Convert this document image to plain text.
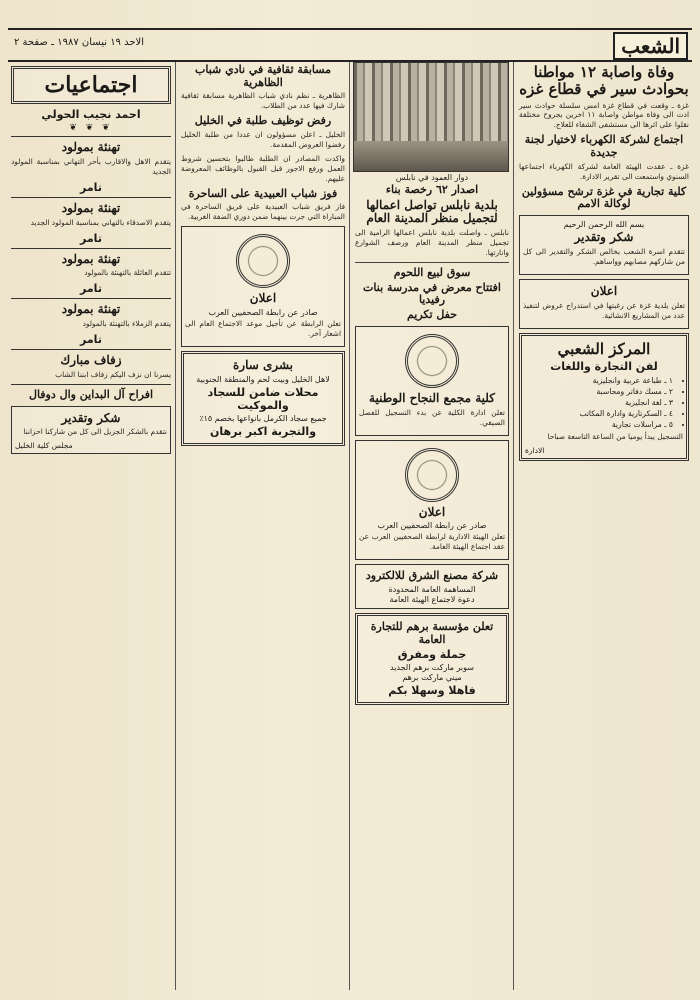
الشعب
الاحد ١٩ نيسان ١٩٨٧ ـ صفحة ٢
وفاة واصابة ١٢ مواطنا بحوادث سير في قطاع غزه

غزة ـ وقعت في قطاع غزة امس سلسلة حوادث سير ادت الى وفاة مواطن واصابة ١١ اخرين بجروح مختلفة نقلوا على اثرها الى مستشفى الشفاء للعلاج.

اجتماع لشركة الكهرباء لاختيار لجنة جديدة

غزة ـ عقدت الهيئة العامة لشركة الكهرباء اجتماعها السنوي واستمعت الى تقرير الادارة.

كلية تجارية في غزة ترشح مسؤولين لوكالة الامم
بسم الله الرحمن الرحيم
شكر وتقدير

تتقدم اسرة الشعب بخالص الشكر والتقدير الى كل من شاركهم مصابهم وواساهم.

اعلان

تعلن بلدية غزة عن رغبتها في استدراج عروض لتنفيذ عدد من المشاريع الانشائية.

المركز الشعبي
لفن التجارة واللغات
• ١ ـ طباعة عربية وانجليزية
• ٢ ـ مسك دفاتر ومحاسبة
• ٣ ـ لغة انجليزية
• ٤ ـ السكرتارية وادارة المكاتب
• ٥ ـ مراسلات تجارية

التسجيل يبدأ يوميا من الساعة التاسعة صباحا

الادارة
دوار العمود في نابلس
اصدار ٦٢ رخصة بناء
بلدية نابلس تواصل اعمالها لتجميل منظر المدينة العام

نابلس ـ واصلت بلدية نابلس اعمالها الرامية الى تجميل منظر المدينة العام ورصف الشوارع وانارتها.

سوق لبيع اللحوم
افتتاح معرض في مدرسة بنات رفيديا
حفل تكريم
كلية مجمع النجاح الوطنية

تعلن ادارة الكلية عن بدء التسجيل للفصل الصيفي.

اعلان
صادر عن رابطة الصحفيين العرب

تعلن الهيئة الادارية لرابطة الصحفيين العرب عن عقد اجتماع الهيئة العامة.

شركة مصنع الشرق للالكترود
المساهمة العامة المحدودة
دعوة لاجتماع الهيئة العامة
تعلن مؤسسة برهم للتجارة العامة
جملة ومفرق
سوبر ماركت برهم الجديد
ميني ماركت برهم
فاهلا وسهلا بكم
مسابقة ثقافية في نادي شباب الظاهرية

الظاهرية ـ نظم نادي شباب الظاهرية مسابقة ثقافية شارك فيها عدد من الطلاب.

رفض توظيف طلبة في الخليل

الخليل ـ اعلن مسؤولون ان عددا من طلبة الخليل رفضوا العروض المقدمة.

واكدت المصادر ان الطلبة طالبوا بتحسين شروط العمل ورفع الاجور قبل القبول بالوظائف المعروضة عليهم.

فوز شباب العبيدية على الساحرة

فاز فريق شباب العبيدية على فريق الساحرة في المباراة التي جرت بينهما ضمن دوري الضفة الغربية.

اعلان
صادر عن رابطة الصحفيين العرب

تعلن الرابطة عن تأجيل موعد الاجتماع العام الى اشعار آخر.

بشرى سارة
لاهل الخليل وبيت لحم والمنطقة الجنوبية
محلات ضامن للسجاد والموكيت
جميع سجاد الكرمل بانواعها بخصم ١٥٪
والتجربة اكبر برهان
اجتماعيات
احمد نجيب الحولي
❦ ❦ ❦
تهنئة بمولود

يتقدم الاهل والاقارب بأحر التهاني بمناسبة المولود الجديد

تامر
تهنئة بمولود

يتقدم الاصدقاء بالتهاني بمناسبة المولود الجديد

تامر
تهنئة بمولود

تتقدم العائلة بالتهنئة بالمولود

تامر
تهنئة بمولود

يتقدم الزملاء بالتهنئة بالمولود

تامر
زفاف مبارك

يسرنا ان نزف اليكم زفاف ابننا الشاب

افراح آل البداين وال دوفال
شكر وتقدير

نتقدم بالشكر الجزيل الى كل من شاركنا احزاننا

مجلس كلية الخليل
